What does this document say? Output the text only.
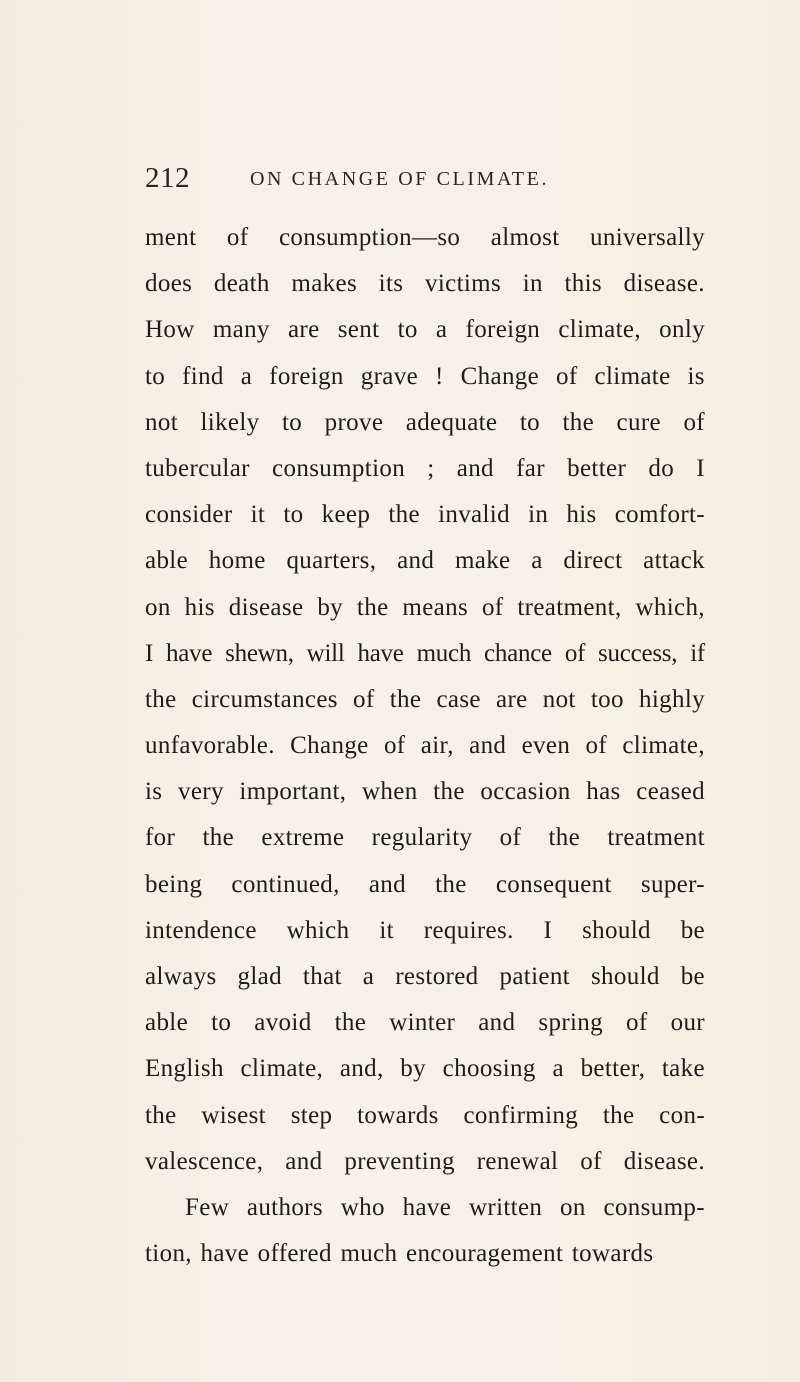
212	ON CHANGE OF CLIMATE.
ment of consumption—so almost universally
does death makes its victims in this disease.
How many are sent to a foreign climate, only
to find a foreign grave ! Change of climate is
not likely to prove adequate to the cure of
tubercular consumption ; and far better do I
consider it to keep the invalid in his comfort-
able home quarters, and make a direct attack
on his disease by the means of treatment, which,
I have shewn, will have much chance of success, if
the circumstances of the case are not too highly
unfavorable. Change of air, and even of climate,
is very important, when the occasion has ceased
for the extreme regularity of the treatment
being continued, and the consequent super-
intendence which it requires. I should be
always glad that a restored patient should be
able to avoid the winter and spring of our
English climate, and, by choosing a better, take
the wisest step towards confirming the con-
valescence, and preventing renewal of disease.
Few authors who have written on consump-
tion, have offered much encouragement towards
